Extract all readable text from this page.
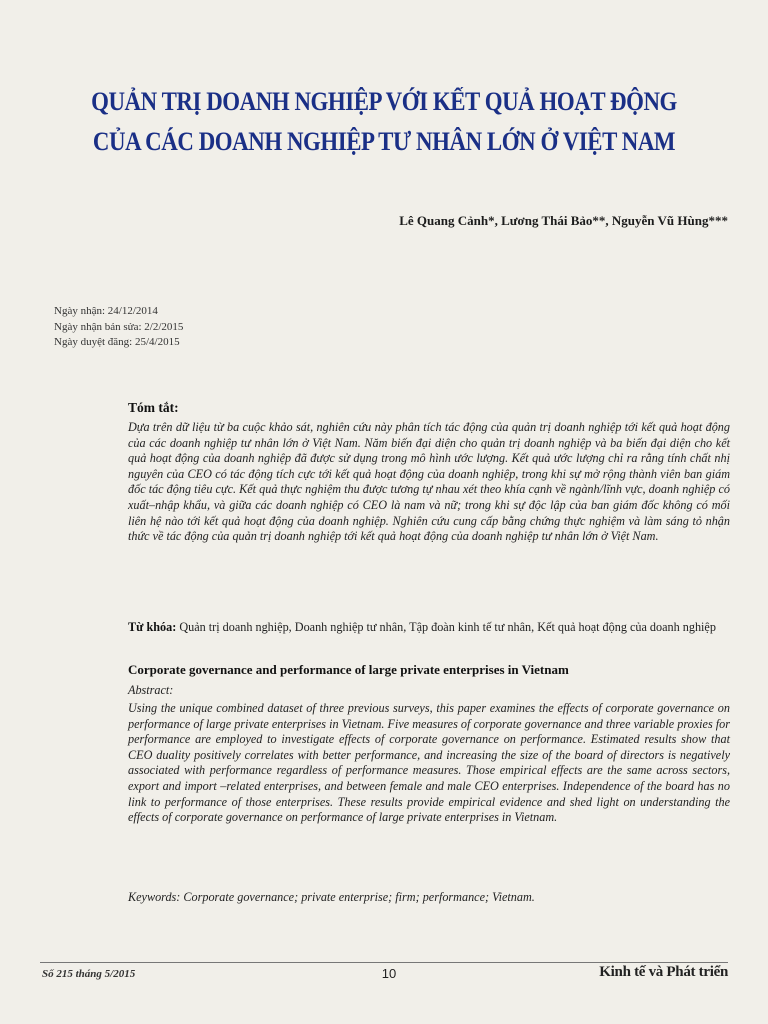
QUẢN TRỊ DOANH NGHIỆP VỚI KẾT QUẢ HOẠT ĐỘNG
CỦA CÁC DOANH NGHIỆP TƯ NHÂN LỚN Ở VIỆT NAM
Lê Quang Cảnh*, Lương Thái Bảo**, Nguyễn Vũ Hùng***
Ngày nhận: 24/12/2014
Ngày nhận bản sửa: 2/2/2015
Ngày duyệt đăng: 25/4/2015
Tóm tắt:
Dựa trên dữ liệu từ ba cuộc khảo sát, nghiên cứu này phân tích tác động của quản trị doanh nghiệp tới kết quả hoạt động của các doanh nghiệp tư nhân lớn ở Việt Nam. Năm biến đại diện cho quản trị doanh nghiệp và ba biến đại diện cho kết quả hoạt động của doanh nghiệp đã được sử dụng trong mô hình ước lượng. Kết quả ước lượng chỉ ra rằng tính chất nhị nguyên của CEO có tác động tích cực tới kết quả hoạt động của doanh nghiệp, trong khi sự mở rộng thành viên ban giám đốc tác động tiêu cực. Kết quả thực nghiệm thu được tương tự nhau xét theo khía cạnh về ngành/lĩnh vực, doanh nghiệp có xuất–nhập khẩu, và giữa các doanh nghiệp có CEO là nam và nữ; trong khi sự độc lập của ban giám đốc không có mối liên hệ nào tới kết quả hoạt động của doanh nghiệp. Nghiên cứu cung cấp bằng chứng thực nghiệm và làm sáng tỏ nhận thức về tác động của quản trị doanh nghiệp tới kết quả hoạt động của doanh nghiệp tư nhân lớn ở Việt Nam.
Từ khóa: Quản trị doanh nghiệp, Doanh nghiệp tư nhân, Tập đoàn kinh tế tư nhân, Kết quả hoạt động của doanh nghiệp
Corporate governance and performance of large private enterprises in Vietnam
Abstract:
Using the unique combined dataset of three previous surveys, this paper examines the effects of corporate governance on performance of large private enterprises in Vietnam. Five measures of corporate governance and three variable proxies for performance are employed to investigate effects of corporate governance on performance. Estimated results show that CEO duality positively correlates with better performance, and increasing the size of the board of directors is negatively associated with performance regardless of performance measures. Those empirical effects are the same across sectors, export and import –related enterprises, and between female and male CEO enterprises. Independence of the board has no link to performance of those enterprises. These results provide empirical evidence and shed light on understanding the effects of corporate governance on performance of large private enterprises in Vietnam.
Keywords: Corporate governance; private enterprise; firm; performance; Vietnam.
Số 215 tháng 5/2015	10	Kinh tế và Phát triển
